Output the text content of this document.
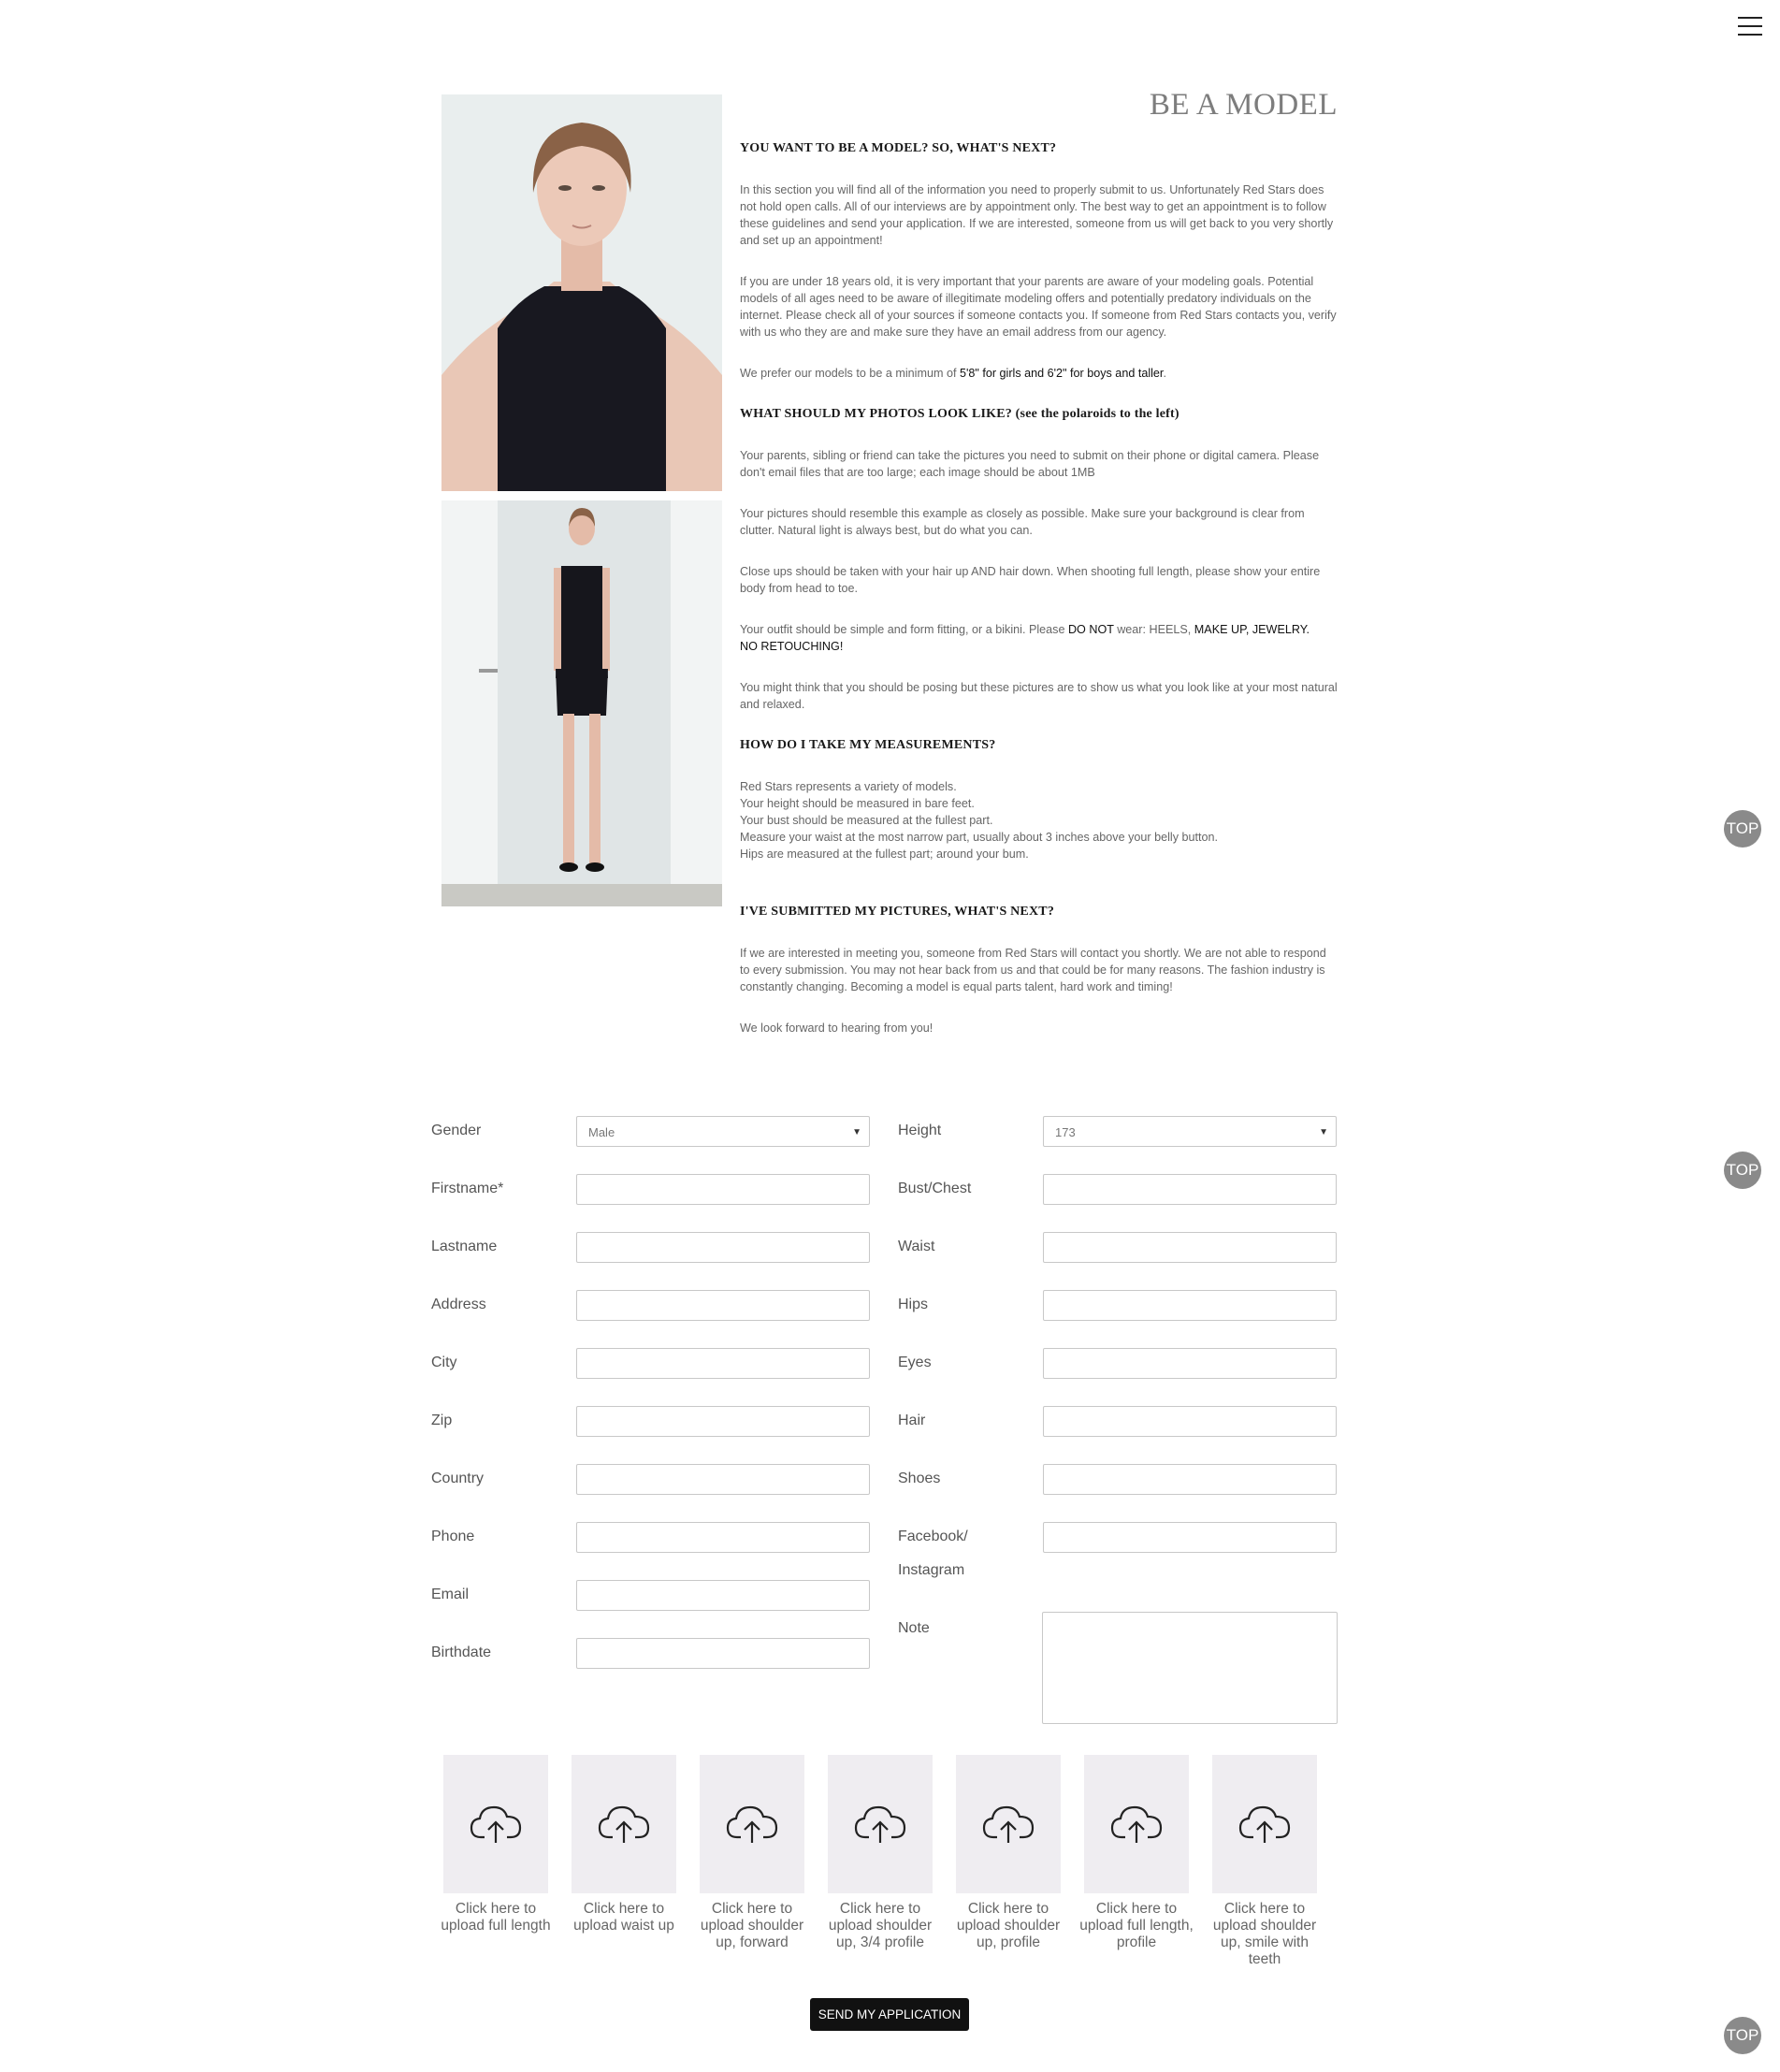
TOP
TOP
TOP
BE A MODEL
YOU WANT TO BE A MODEL? SO, WHAT'S NEXT?

In this section you will find all of the information you need to properly submit to us. Unfortunately Red Stars does not hold open calls. All of our interviews are by appointment only. The best way to get an appointment is to follow these guidelines and send your application. If we are interested, someone from us will get back to you very shortly and set up an appointment!

If you are under 18 years old, it is very important that your parents are aware of your modeling goals. Potential models of all ages need to be aware of illegitimate modeling offers and potentially predatory individuals on the internet. Please check all of your sources if someone contacts you. If someone from Red Stars contacts you, verify with us who they are and make sure they have an email address from our agency.

We prefer our models to be a minimum of 5'8" for girls and 6'2" for boys and taller.

WHAT SHOULD MY PHOTOS LOOK LIKE? (see the polaroids to the left)

Your parents, sibling or friend can take the pictures you need to submit on their phone or digital camera. Please don't email files that are too large; each image should be about 1MB

Your pictures should resemble this example as closely as possible. Make sure your background is clear from clutter. Natural light is always best, but do what you can.

Close ups should be taken with your hair up AND hair down. When shooting full length, please show your entire body from head to toe.

Your outfit should be simple and form fitting, or a bikini. Please DO NOT wear: HEELS, MAKE UP, JEWELRY.
NO RETOUCHING!

You might think that you should be posing but these pictures are to show us what you look like at your most natural and relaxed.

HOW DO I TAKE MY MEASUREMENTS?

Red Stars represents a variety of models.
Your height should be measured in bare feet.
Your bust should be measured at the fullest part.
Measure your waist at the most narrow part, usually about 3 inches above your belly button.
Hips are measured at the fullest part; around your bum.

I'VE SUBMITTED MY PICTURES, WHAT'S NEXT?

If we are interested in meeting you, someone from Red Stars will contact you shortly. We are not able to respond to every submission. You may not hear back from us and that could be for many reasons. The fashion industry is constantly changing. Becoming a model is equal parts talent, hard work and timing!

We look forward to hearing from you!

Gender	Male	▼
Firstname*
Lastname
Address
City
Zip
Country
Phone
Email
Birthdate
Height	173	▼
Bust/Chest
Waist
Hips
Eyes
Hair
Shoes
Facebook/
Instagram
Note
Click here to upload full length
Click here to upload waist up
Click here to upload shoulder up, forward
Click here to upload shoulder up, 3/4 profile
Click here to upload shoulder up, profile
Click here to upload full length, profile
Click here to upload shoulder up, smile with teeth
SEND MY APPLICATION
